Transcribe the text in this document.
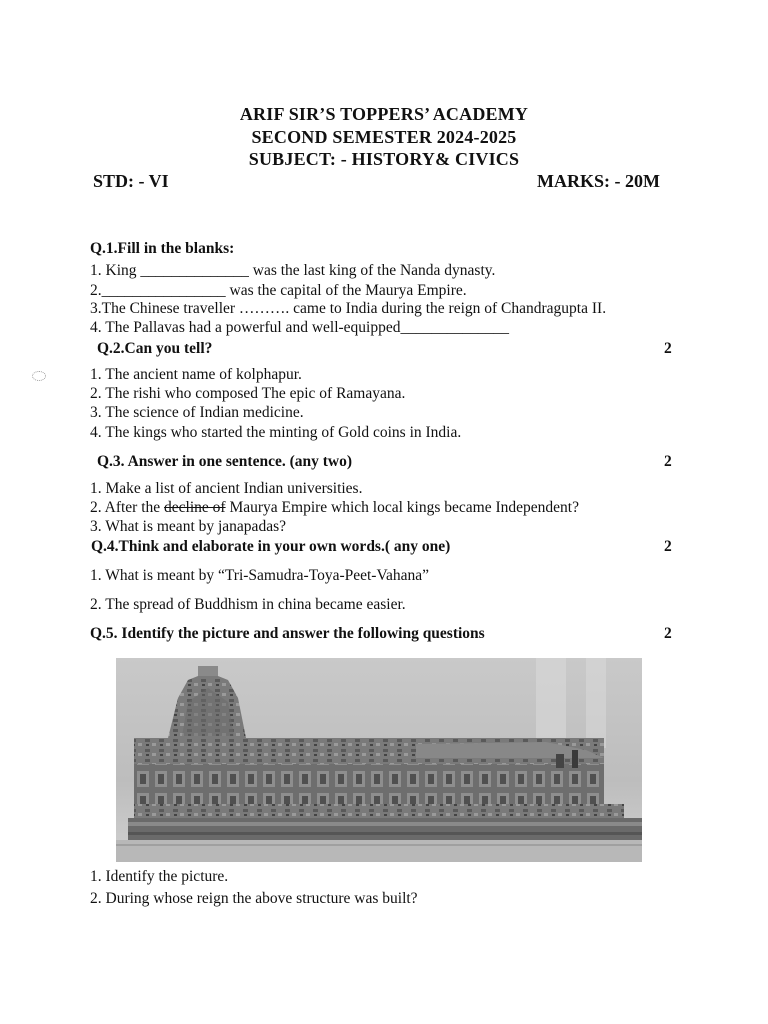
ARIF SIR’S TOPPERS’ ACADEMY
SECOND SEMESTER 2024-2025
SUBJECT: - HISTORY& CIVICS
STD: - VI	MARKS: - 20M
Q.1.Fill in the blanks:
1. King ______________ was the last king of the Nanda dynasty.
2.________________ was the capital of the Maurya Empire.
3.The Chinese traveller ………. came to India during the reign of Chandragupta II.
4. The Pallavas had a powerful and well-equipped______________
Q.2.Can you tell?	2
1. The ancient name of kolphapur.
2. The rishi who composed The epic of Ramayana.
3. The science of Indian medicine.
4. The kings who started the minting of Gold coins in India.
Q.3. Answer in one sentence. (any two)	2
1. Make a list of ancient Indian universities.
2. After the decline of Maurya Empire which local kings became Independent?
3. What is meant by janapadas?
Q.4.Think and elaborate in your own words.( any one)	2
1. What is meant by “Tri-Samudra-Toya-Peet-Vahana”
2. The spread of Buddhism in china became easier.
Q.5. Identify the picture and answer the following questions	2
1. Identify the picture.
2. During whose reign the above structure was built?
